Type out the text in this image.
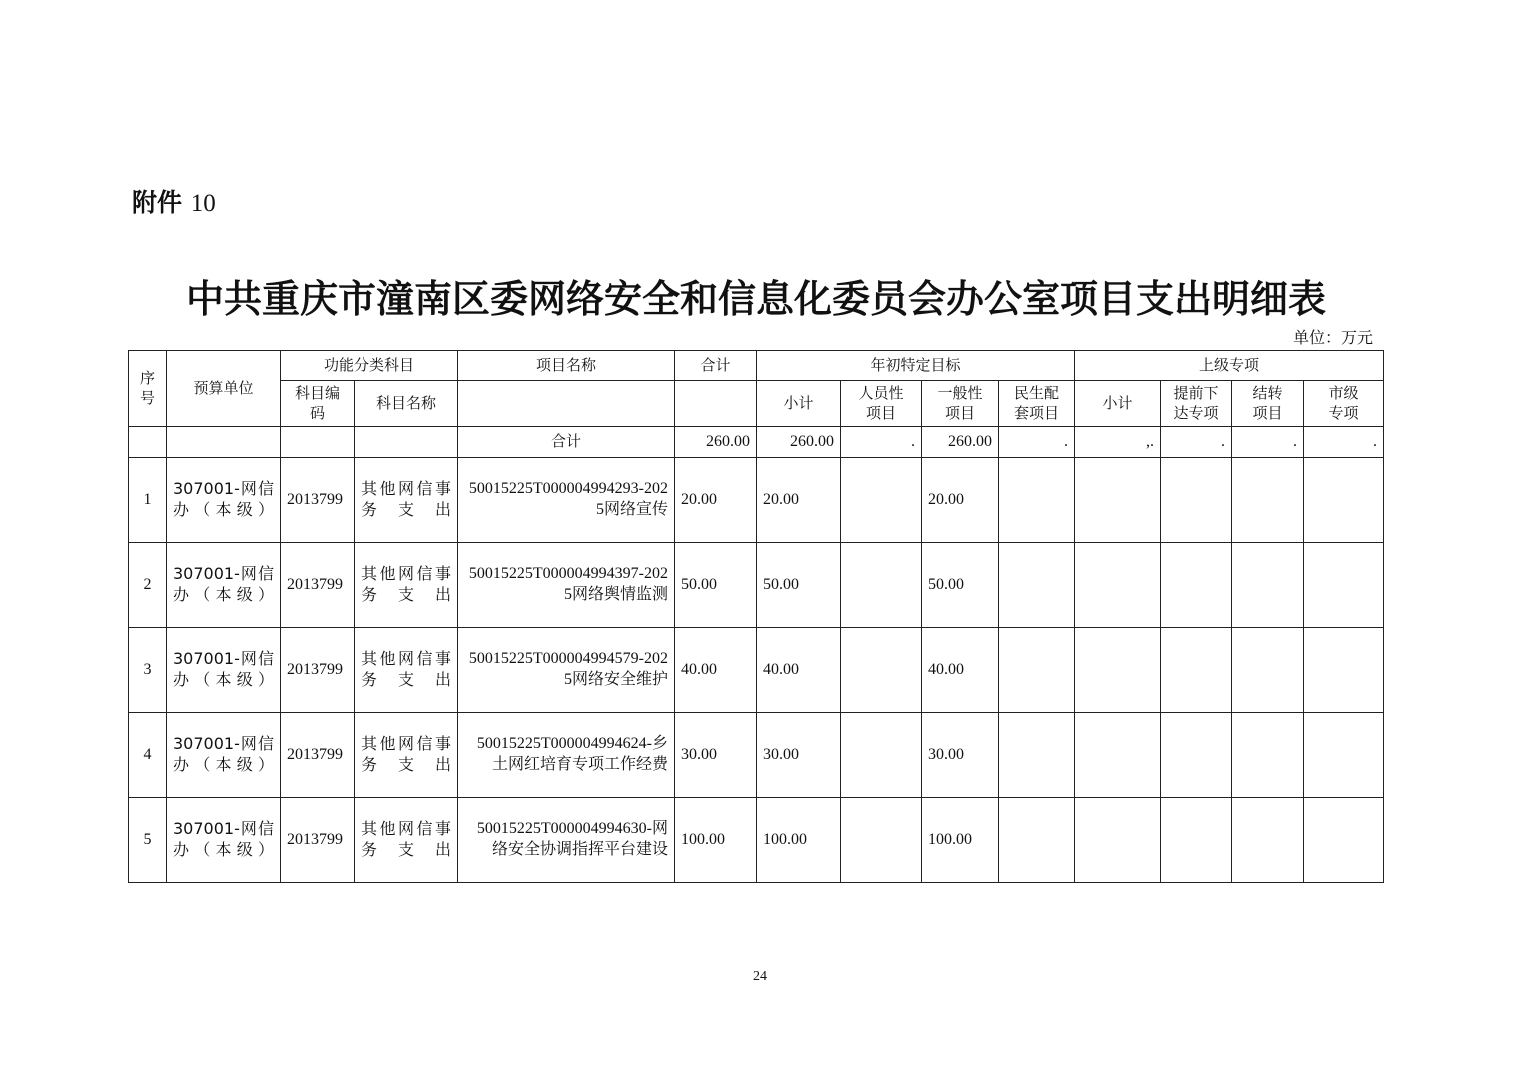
附件 10
中共重庆市潼南区委网络安全和信息化委员会办公室项目支出明细表
单位：万元
序号	预算单位	功能分类科目		项目名称	合计	年初特定目标				上级专项			
		科目编码	科目名称			小计	人员性项目	一般性项目	民生配套项目	小计	提前下达专项	结转项目	市级专项
				合计	260.00	260.00	.	260.00	.	,.	.	.	.
1	307001-网信办（本级）	2013799	其他网信事务支出	50015225T000004994293-2025网络宣传	20.00	20.00		20.00					
2	307001-网信办（本级）	2013799	其他网信事务支出	50015225T000004994397-2025网络舆情监测	50.00	50.00		50.00					
3	307001-网信办（本级）	2013799	其他网信事务支出	50015225T000004994579-2025网络安全维护	40.00	40.00		40.00					
4	307001-网信办（本级）	2013799	其他网信事务支出	50015225T000004994624-乡土网红培育专项工作经费	30.00	30.00		30.00					
5	307001-网信办（本级）	2013799	其他网信事务支出	50015225T000004994630-网络安全协调指挥平台建设	100.00	100.00		100.00					
24
